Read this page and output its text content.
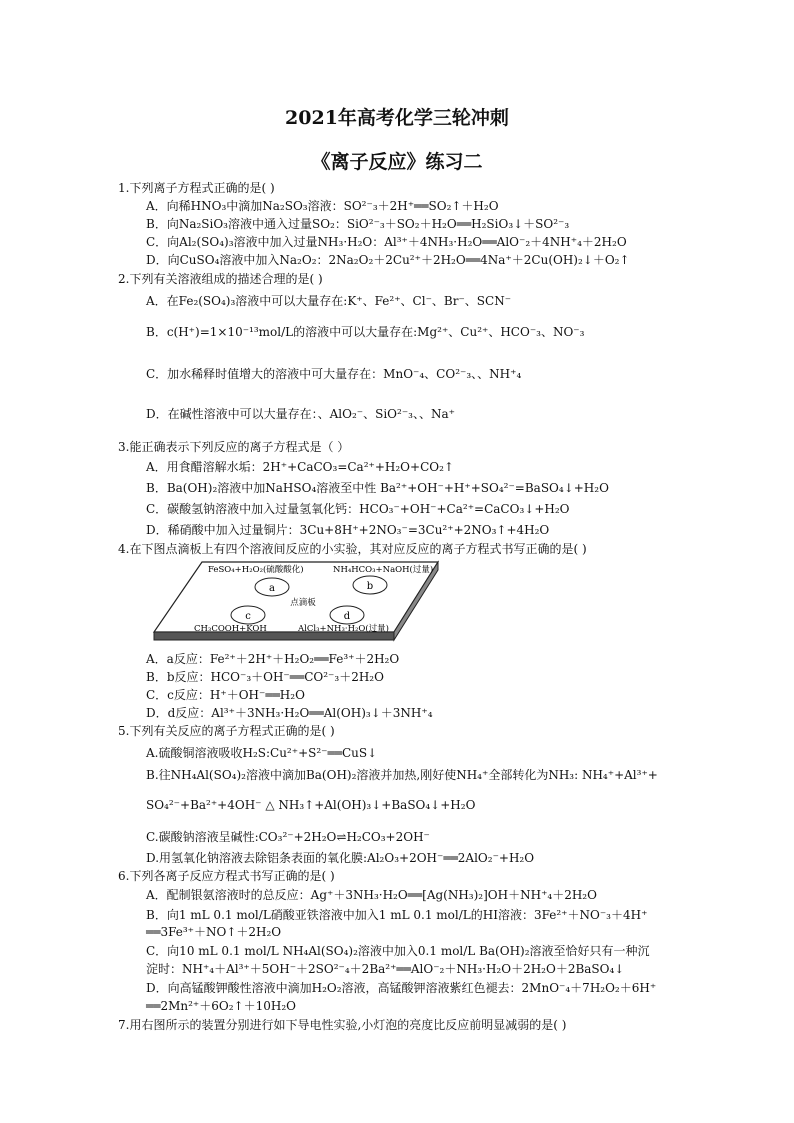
2021年高考化学三轮冲刺
《离子反应》练习二
1.下列离子方程式正确的是( )
A．向稀HNO₃中滴加Na₂SO₃溶液：SO²⁻₃＋2H⁺══SO₂↑＋H₂O
B．向Na₂SiO₃溶液中通入过量SO₂：SiO²⁻₃＋SO₂＋H₂O══H₂SiO₃↓＋SO²⁻₃
C．向Al₂(SO₄)₃溶液中加入过量NH₃·H₂O：Al³⁺＋4NH₃·H₂O══AlO⁻₂＋4NH⁺₄＋2H₂O
D．向CuSO₄溶液中加入Na₂O₂：2Na₂O₂＋2Cu²⁺＋2H₂O══4Na⁺＋2Cu(OH)₂↓＋O₂↑
2.下列有关溶液组成的描述合理的是( )
A．在Fe₂(SO₄)₃溶液中可以大量存在:K⁺、Fe²⁺、Cl⁻、Br⁻、SCN⁻
B．c(H⁺)=1×10⁻¹³mol/L的溶液中可以大量存在:Mg²⁺、Cu²⁺、HCO⁻₃、NO⁻₃
C．加水稀释时值增大的溶液中可大量存在：MnO⁻₄、CO²⁻₃、、NH⁺₄
D．在碱性溶液中可以大量存在：、AlO₂⁻、SiO²⁻₃、、Na⁺
3.能正确表示下列反应的离子方程式是（ ）
A．用食醋溶解水垢：2H⁺+CaCO₃=Ca²⁺+H₂O+CO₂↑
B．Ba(OH)₂溶液中加NaHSO₄溶液至中性 Ba²⁺+OH⁻+H⁺+SO₄²⁻=BaSO₄↓+H₂O
C．碳酸氢钠溶液中加入过量氢氧化钙：HCO₃⁻+OH⁻+Ca²⁺=CaCO₃↓+H₂O
D．稀硝酸中加入过量铜片：3Cu+8H⁺+2NO₃⁻=3Cu²⁺+2NO₃↑+4H₂O
4.在下图点滴板上有四个溶液间反应的小实验，其对应反应的离子方程式书写正确的是( )
a	b
c	d
FeSO₄+H₂O₂(硫酸酸化)	NH₄HCO₃+NaOH(过量)
点滴板
CH₃COOH+KOH	AlCl₃+NH₃·H₂O(过量)
A．a反应：Fe²⁺＋2H⁺＋H₂O₂══Fe³⁺＋2H₂O
B．b反应：HCO⁻₃＋OH⁻══CO²⁻₃＋2H₂O
C．c反应：H⁺＋OH⁻══H₂O
D．d反应：Al³⁺＋3NH₃·H₂O══Al(OH)₃↓＋3NH⁺₄
5.下列有关反应的离子方程式正确的是( )
A.硫酸铜溶液吸收H₂S:Cu²⁺+S²⁻══CuS↓
B.往NH₄Al(SO₄)₂溶液中滴加Ba(OH)₂溶液并加热,刚好使NH₄⁺全部转化为NH₃: NH₄⁺+Al³⁺+
SO₄²⁻+Ba²⁺+4OH⁻ △ NH₃↑+Al(OH)₃↓+BaSO₄↓+H₂O
C.碳酸钠溶液呈碱性:CO₃²⁻+2H₂O⇌H₂CO₃+2OH⁻
D.用氢氧化钠溶液去除铝条表面的氧化膜:Al₂O₃+2OH⁻══2AlO₂⁻+H₂O
6.下列各离子反应方程式书写正确的是( )
A．配制银氨溶液时的总反应：Ag⁺＋3NH₃·H₂O══[Ag(NH₃)₂]OH＋NH⁺₄＋2H₂O
B．向1 mL 0.1 mol/L硝酸亚铁溶液中加入1 mL 0.1 mol/L的HI溶液：3Fe²⁺＋NO⁻₃＋4H⁺
══3Fe³⁺＋NO↑＋2H₂O
C．向10 mL 0.1 mol/L NH₄Al(SO₄)₂溶液中加入0.1 mol/L Ba(OH)₂溶液至恰好只有一种沉
淀时：NH⁺₄＋Al³⁺＋5OH⁻＋2SO²⁻₄＋2Ba²⁺══AlO⁻₂＋NH₃·H₂O＋2H₂O＋2BaSO₄↓
D．向高锰酸钾酸性溶液中滴加H₂O₂溶液，高锰酸钾溶液紫红色褪去：2MnO⁻₄＋7H₂O₂＋6H⁺
══2Mn²⁺＋6O₂↑＋10H₂O
7.用右图所示的装置分别进行如下导电性实验,小灯泡的亮度比反应前明显减弱的是( )
